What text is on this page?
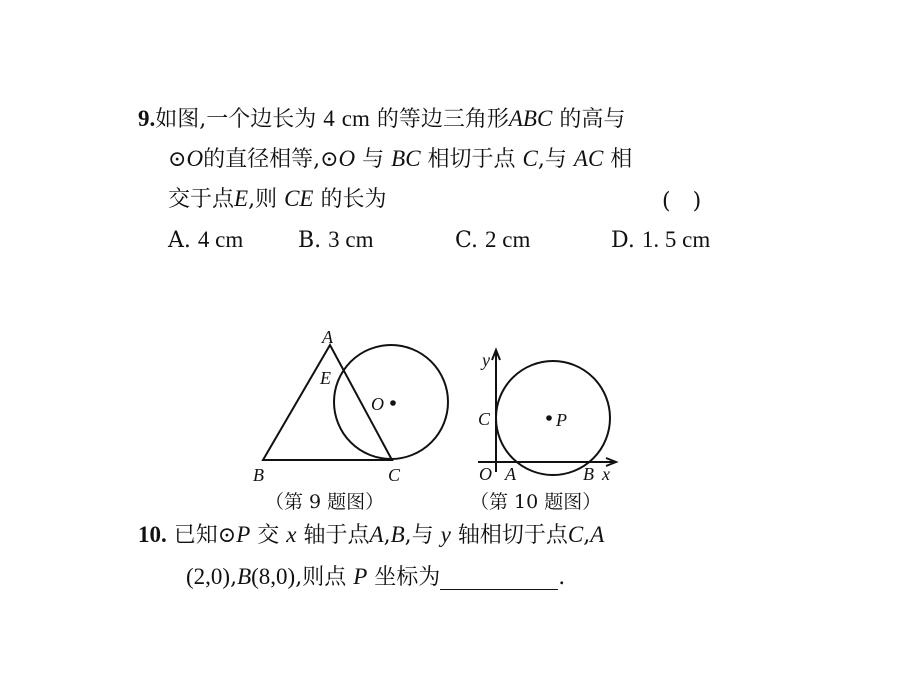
9.如图,一个边长为 4 cm 的等边三角形ABC 的高与
⊙O的直径相等,⊙O 与 BC 相切于点 C,与 AC 相
交于点E,则 CE 的长为	(　)
A. 4 cm B. 3 cm	C. 2 cm	D. 1. 5 cm
A
B	C
E
O
y
x
C	P
O A	B
（第 9 题图）	（第 10 题图）
10. 已知⊙P 交 x 轴于点A,B,与 y 轴相切于点C,A
(2,0),B(8,0),则点 P 坐标为	.
